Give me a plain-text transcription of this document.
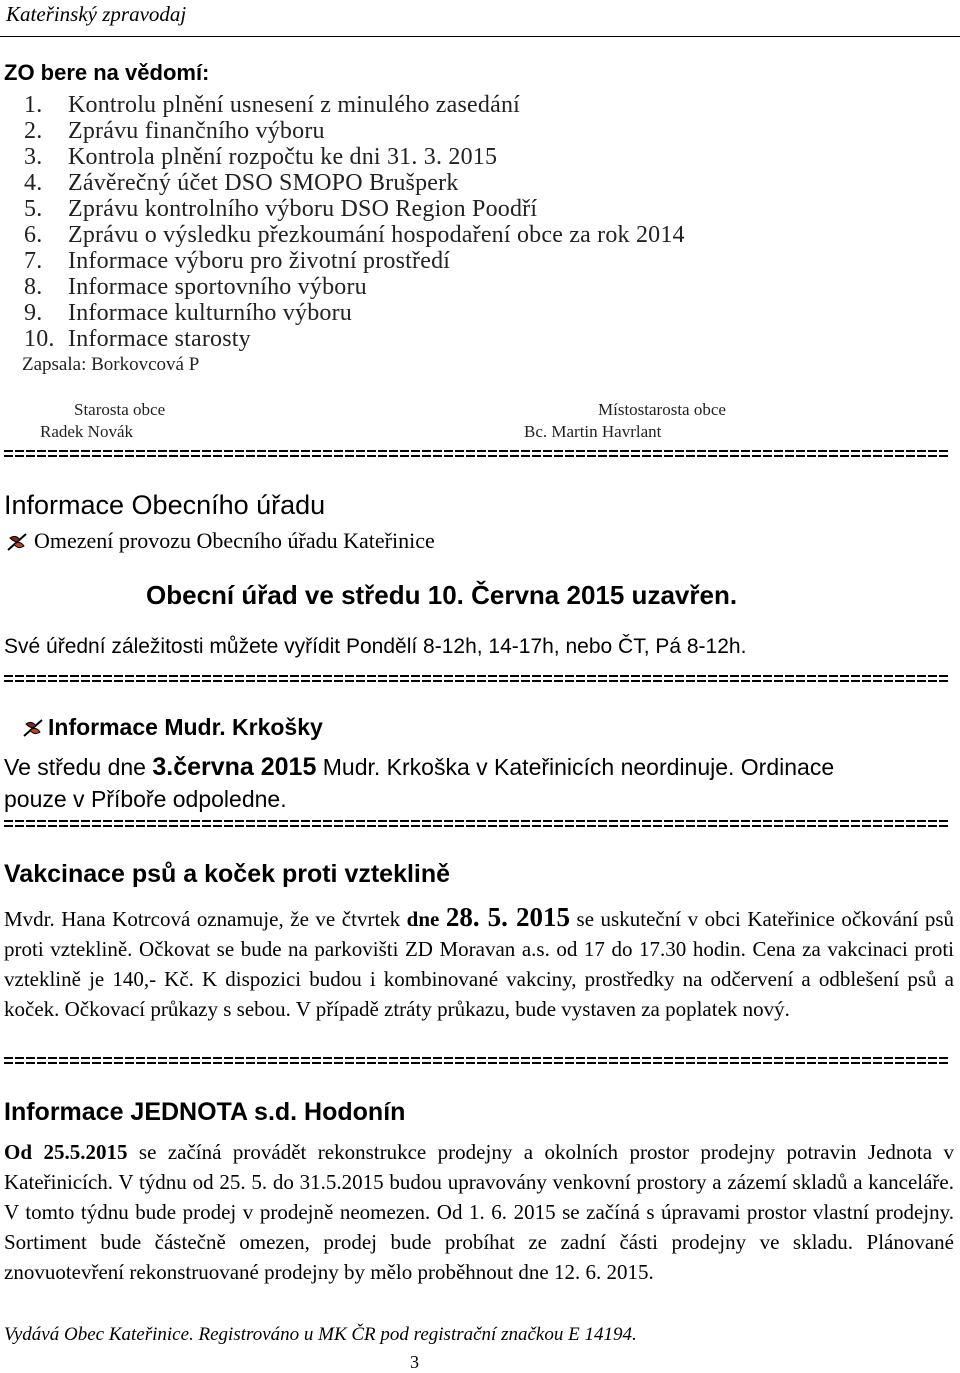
Kateřinský zpravodaj
ZO bere na vědomí:
1.	Kontrolu plnění usnesení z minulého zasedání
2.	Zprávu finančního výboru
3.	Kontrola plnění rozpočtu ke dni 31. 3. 2015
4.	Závěrečný účet DSO SMOPO Brušperk
5.	Zprávu kontrolního výboru DSO Region Poodří
6.	Zprávu o výsledku přezkoumání hospodaření obce za rok 2014
7.	Informace výboru pro životní prostředí
8.	Informace sportovního výboru
9.	Informace kulturního výboru
10. Informace starosty
Zapsala: Borkovcová P
Starosta obce
Radek Novák
Místostarosta obce
Bc. Martin Havrlant
Informace Obecního úřadu
Omezení provozu Obecního úřadu Kateřinice
Obecní úřad ve středu 10. Června 2015 uzavřen.
Své úřední záležitosti můžete vyřídit Pondělí 8-12h, 14-17h, nebo ČT, Pá 8-12h.
Informace Mudr. Krkošky
Ve středu dne 3.června 2015 Mudr. Krkoška v Kateřinicích neordinuje. Ordinace
pouze v Příboře odpoledne.
Vakcinace psů a koček proti vzteklině
Mvdr. Hana Kotrcová oznamuje, že ve čtvrtek dne 28. 5. 2015 se uskuteční v obci Kateřinice očkování psů proti vzteklině. Očkovat se bude na parkovišti ZD Moravan a.s. od 17 do 17.30 hodin. Cena za vakcinaci proti vzteklině je 140,- Kč. K dispozici budou i kombinované vakciny, prostředky na odčervení a odblešení psů a koček. Očkovací průkazy s sebou. V případě ztráty průkazu, bude vystaven za poplatek nový.
Informace JEDNOTA s.d. Hodonín
Od 25.5.2015 se začíná provádět rekonstrukce prodejny a okolních prostor prodejny potravin Jednota v Kateřinicích. V týdnu od 25. 5. do 31.5.2015 budou upravovány venkovní prostory a zázemí skladů a kanceláře. V tomto týdnu bude prodej v prodejně neomezen. Od 1. 6. 2015 se začíná s úpravami prostor vlastní prodejny. Sortiment bude částečně omezen, prodej bude probíhat ze zadní části prodejny ve skladu. Plánované znovuotevření rekonstruované prodejny by mělo proběhnout dne 12. 6. 2015.
Vydává Obec Kateřinice. Registrováno u MK ČR pod registrační značkou E 14194.
3
